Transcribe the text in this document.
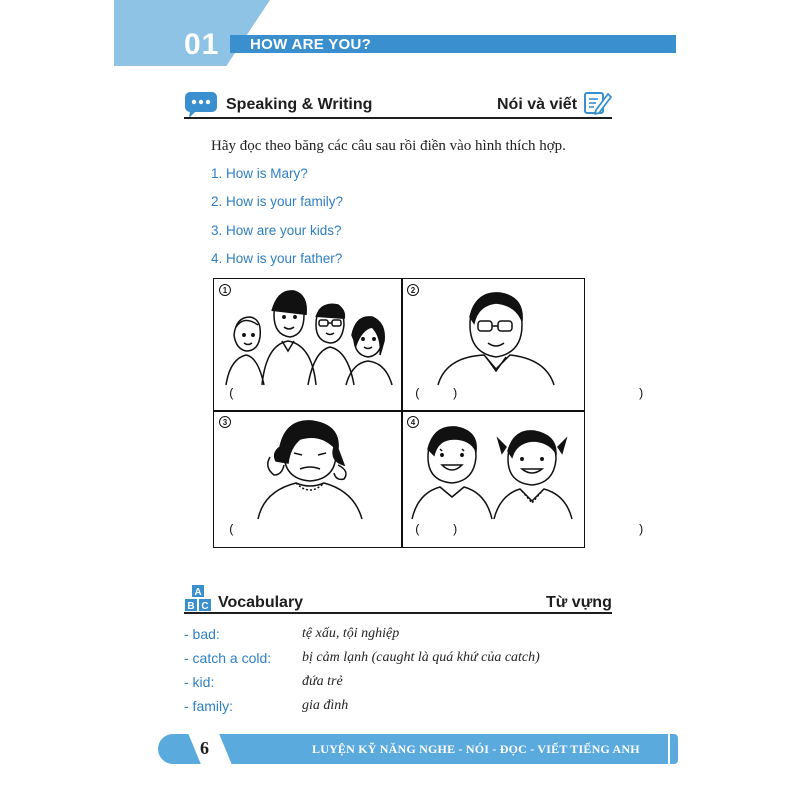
01 HOW ARE YOU?
Speaking & Writing	Nói và viết
Hãy đọc theo băng các câu sau rồi điền vào hình thích hợp.
1. How is Mary?
2. How is your family?
3. How are your kids?
4. How is your father?
1
(                              )
2
(                              )
3
(                              )
4
(                              )
A
B C Vocabulary	Từ vựng
- bad:	tệ xấu, tội nghiệp
- catch a cold: bị cảm lạnh (caught là quá khứ của catch)
- kid:	đứa trẻ
- family:	gia đình
6	LUYỆN KỸ NĂNG NGHE - NÓI - ĐỌC - VIẾT TIẾNG ANH
